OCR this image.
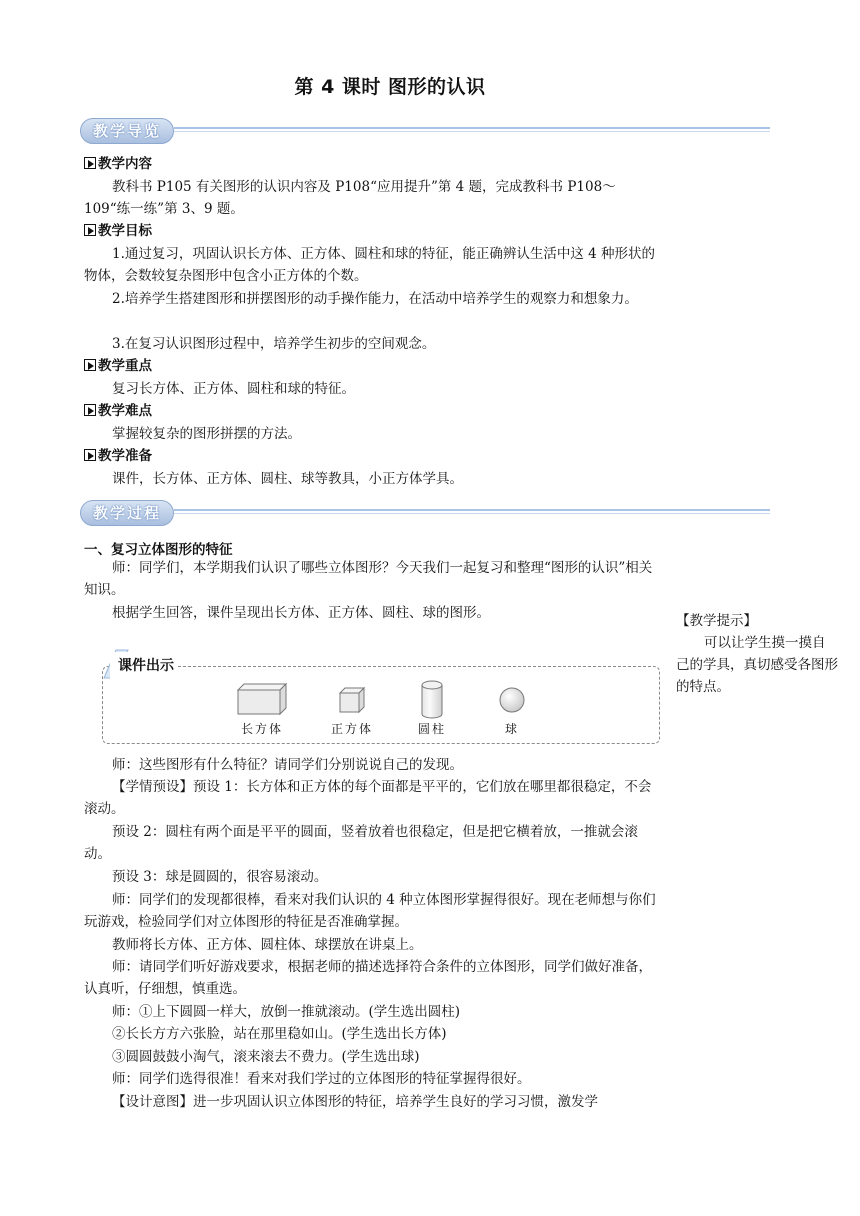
第 4 课时 图形的认识
教学导览
教学内容
教科书 P105 有关图形的认识内容及 P108“应用提升”第 4 题，完成教科书 P108～109“练一练”第 3、9 题。
教学目标
1.通过复习，巩固认识长方体、正方体、圆柱和球的特征，能正确辨认生活中这 4 种形状的物体，会数较复杂图形中包含小正方体的个数。
2.培养学生搭建图形和拼摆图形的动手操作能力，在活动中培养学生的观察力和想象力。
3.在复习认识图形过程中，培养学生初步的空间观念。
教学重点
复习长方体、正方体、圆柱和球的特征。
教学难点
掌握较复杂的图形拼摆的方法。
教学准备
课件，长方体、正方体、圆柱、球等教具，小正方体学具。
教学过程
一、复习立体图形的特征
师：同学们，本学期我们认识了哪些立体图形？今天我们一起复习和整理“图形的认识”相关知识。
根据学生回答，课件呈现出长方体、正方体、圆柱、球的图形。	【教学提示】
可以让学生摸一摸自己的学具，真切感受各图形的特点。
课件出示
长方体	正方体	圆柱	球
师：这些图形有什么特征？请同学们分别说说自己的发现。
【学情预设】预设 1：长方体和正方体的每个面都是平平的，它们放在哪里都很稳定，不会滚动。
预设 2：圆柱有两个面是平平的圆面，竖着放着也很稳定，但是把它横着放，一推就会滚动。
预设 3：球是圆圆的，很容易滚动。
师：同学们的发现都很棒，看来对我们认识的 4 种立体图形掌握得很好。现在老师想与你们玩游戏，检验同学们对立体图形的特征是否准确掌握。
教师将长方体、正方体、圆柱体、球摆放在讲桌上。
师：请同学们听好游戏要求，根据老师的描述选择符合条件的立体图形，同学们做好准备，认真听，仔细想，慎重选。
师：①上下圆圆一样大，放倒一推就滚动。(学生选出圆柱)
②长长方方六张脸，站在那里稳如山。(学生选出长方体)
③圆圆鼓鼓小淘气，滚来滚去不费力。(学生选出球)
师：同学们选得很准！看来对我们学过的立体图形的特征掌握得很好。
【设计意图】进一步巩固认识立体图形的特征，培养学生良好的学习习惯，激发学
